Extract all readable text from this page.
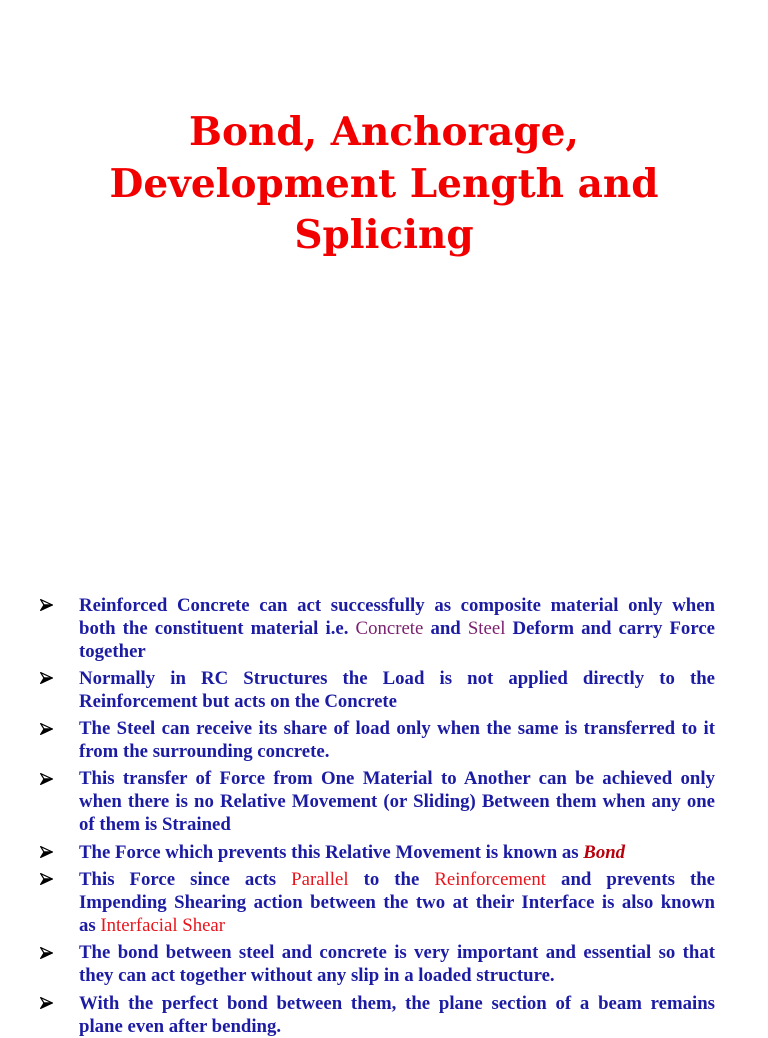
Bond, Anchorage,
Development Length and
Splicing
Reinforced Concrete can act successfully as composite material only when
both the constituent material i.e. Concrete and Steel Deform and carry Force
together
Normally in RC Structures the Load is not applied directly to the
Reinforcement but acts on the Concrete
The Steel can receive its share of load only when the same is transferred to it
from the surrounding concrete.
This transfer of Force from One Material to Another can be achieved only
when there is no Relative Movement (or Sliding) Between them when any one
of them is Strained
The Force which prevents this Relative Movement is known as Bond
This Force since acts Parallel to the Reinforcement and prevents the
Impending Shearing action between the two at their Interface is also known
as Interfacial Shear
The bond between steel and concrete is very important and essential so that
they can act together without any slip in a loaded structure.
With the perfect bond between them, the plane section of a beam remains
plane even after bending.
